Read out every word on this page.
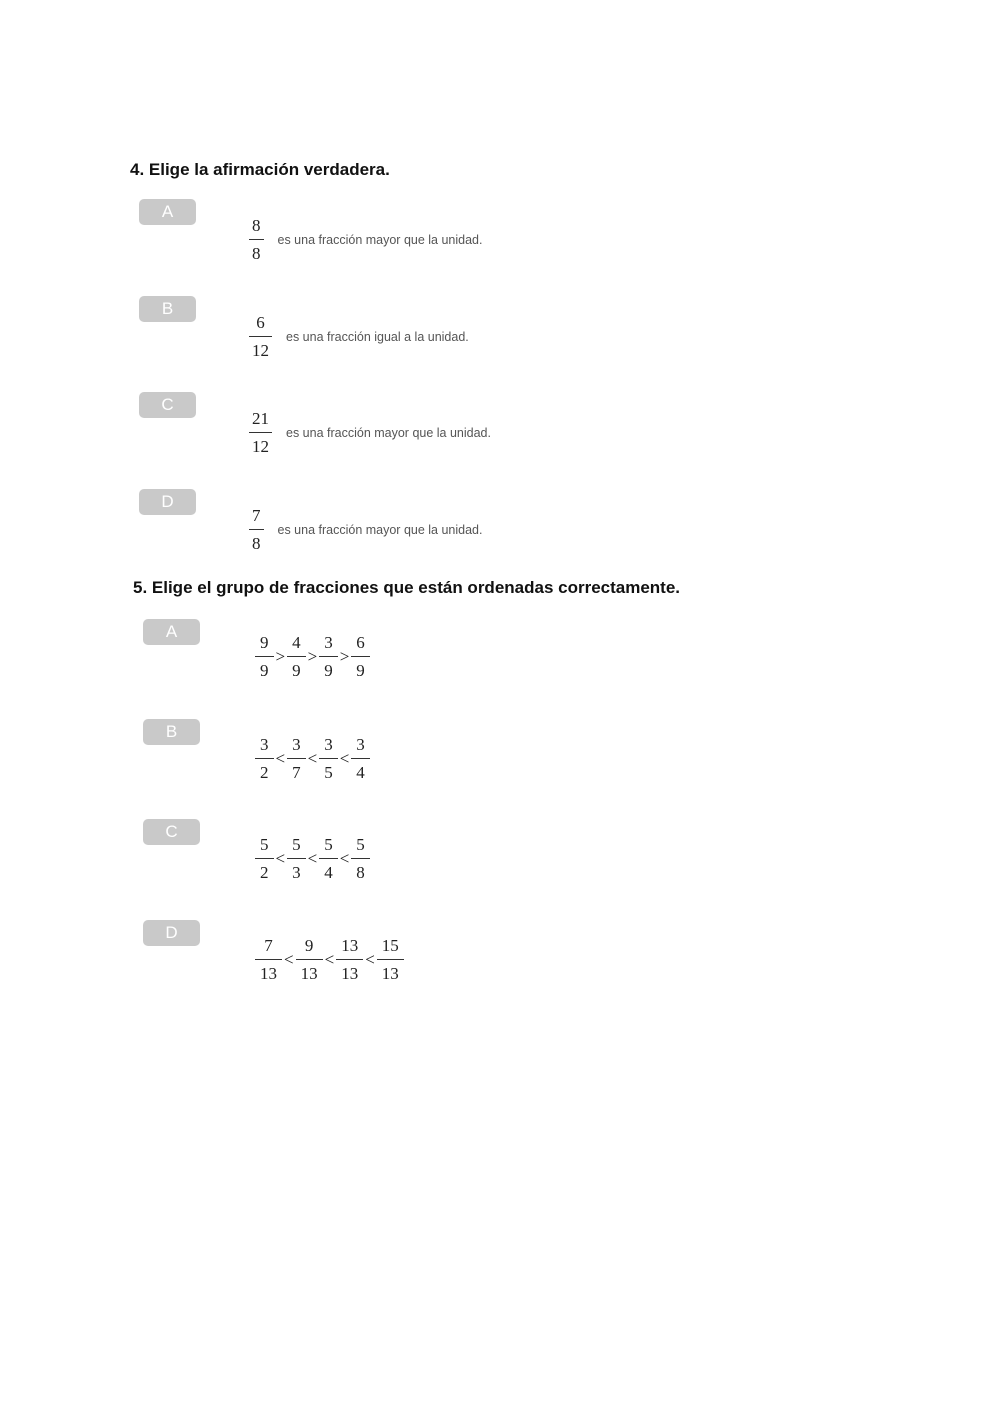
4. Elige la afirmación verdadera.
A
$\frac{8}{8}$ es una fracción mayor que la unidad.
B
$\frac{6}{12}$ es una fracción igual a la unidad.
C
$\frac{21}{12}$ es una fracción mayor que la unidad.
D
$\frac{7}{8}$ es una fracción mayor que la unidad.
5. Elige el grupo de fracciones que están ordenadas correctamente.
A
$\frac{9}{9} > \frac{4}{9} > \frac{3}{9} > \frac{6}{9}$
B
$\frac{3}{2} < \frac{3}{7} < \frac{3}{5} < \frac{3}{4}$
C
$\frac{5}{2} < \frac{5}{3} < \frac{5}{4} < \frac{5}{8}$
D
$\frac{7}{13} < \frac{9}{13} < \frac{13}{13} < \frac{15}{13}$
